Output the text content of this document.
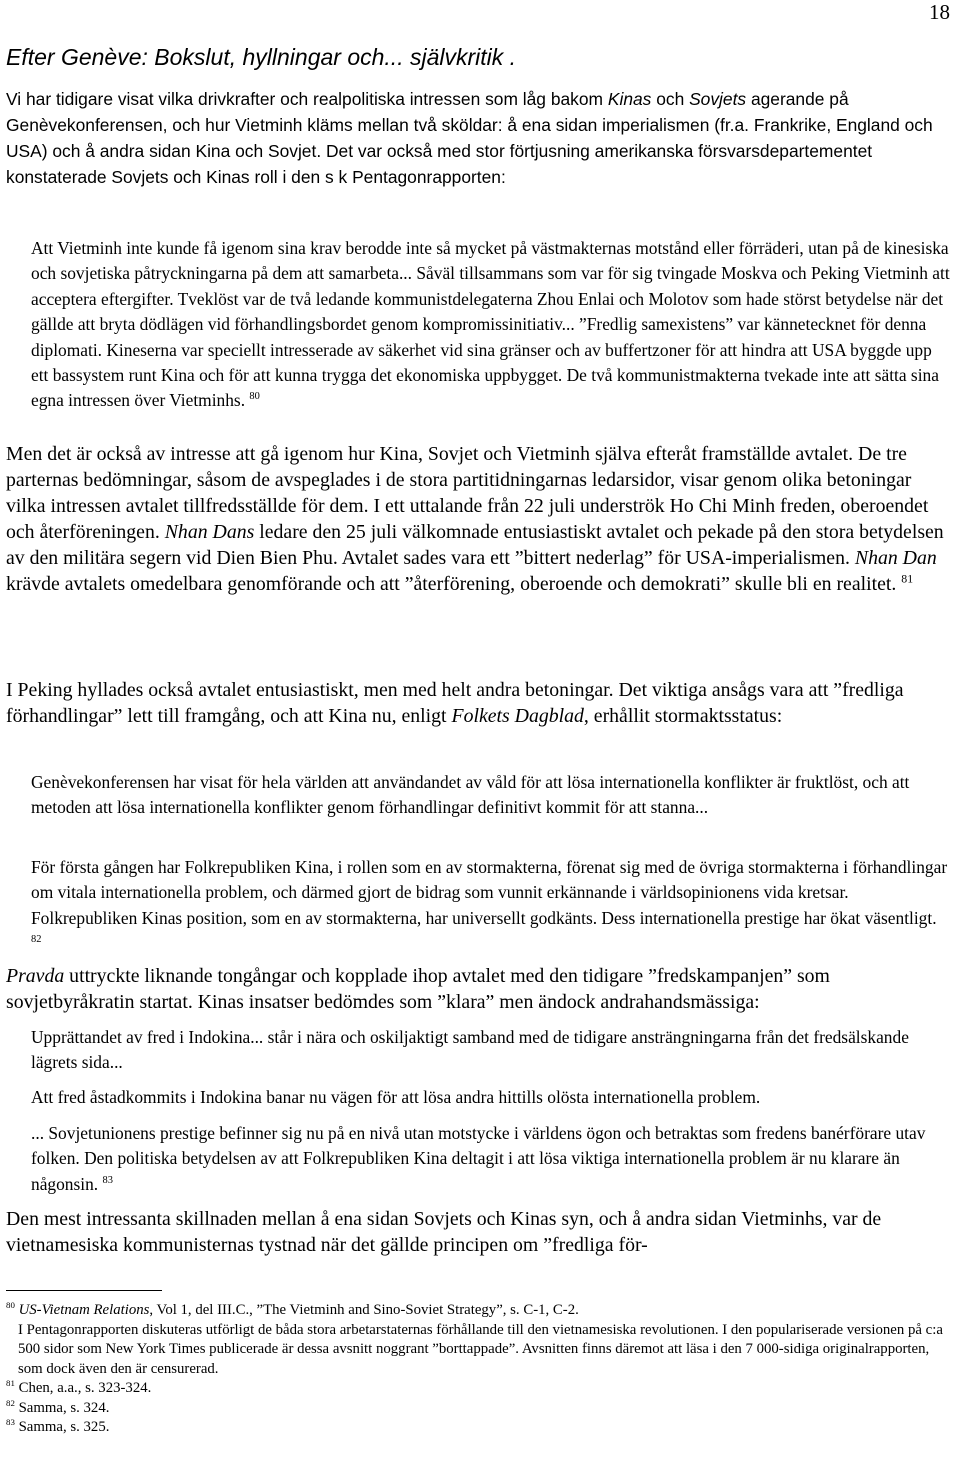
18
Efter Genève: Bokslut, hyllningar och... självkritik .

Vi har tidigare visat vilka drivkrafter och realpolitiska intressen som låg bakom Kinas och Sovjets agerande på Genèvekonferensen, och hur Vietminh kläms mellan två sköldar: å ena sidan imperialismen (fr.a. Frankrike, England och USA) och å andra sidan Kina och Sovjet. Det var också med stor förtjusning amerikanska försvarsdepartementet konstaterade Sovjets och Kinas roll i den s k Pentagonrapporten:

Att Vietminh inte kunde få igenom sina krav berodde inte så mycket på västmakternas motstånd eller förräderi, utan på de kinesiska och sovjetiska påtryckningarna på dem att samarbeta... Såväl tillsammans som var för sig tvingade Moskva och Peking Vietminh att acceptera eftergifter. Tveklöst var de två ledande kommunistdelegaterna Zhou Enlai och Molotov som hade störst betydelse när det gällde att bryta dödlägen vid förhandlingsbordet genom kompromissinitiativ... ”Fredlig samexistens” var kännetecknet för denna diplomati. Kineserna var speciellt intresserade av säkerhet vid sina gränser och av buffertzoner för att hindra att USA byggde upp ett bassystem runt Kina och för att kunna trygga det ekonomiska uppbygget. De två kommunistmakterna tvekade inte att sätta sina egna intressen över Vietminhs. $^{80}$

Men det är också av intresse att gå igenom hur Kina, Sovjet och Vietminh själva efteråt framställde avtalet. De tre parternas bedömningar, såsom de avspeglades i de stora partitidningarnas ledarsidor, visar genom olika betoningar vilka intressen avtalet tillfredsställde för dem. I ett uttalande från 22 juli underströk Ho Chi Minh freden, oberoendet och återföreningen. Nhan Dans ledare den 25 juli välkomnade entusiastiskt avtalet och pekade på den stora betydelsen av den militära segern vid Dien Bien Phu. Avtalet sades vara ett ”bittert nederlag” för USA-imperialismen. Nhan Dan krävde avtalets omedelbara genomförande och att ”återförening, oberoende och demokrati” skulle bli en realitet. $^{81}$

I Peking hyllades också avtalet entusiastiskt, men med helt andra betoningar. Det viktiga ansågs vara att ”fredliga förhandlingar” lett till framgång, och att Kina nu, enligt Folkets Dagblad, erhållit stormaktsstatus:

Genèvekonferensen har visat för hela världen att användandet av våld för att lösa internationella konflikter är fruktlöst, och att metoden att lösa internationella konflikter genom förhandlingar definitivt kommit för att stanna...

För första gången har Folkrepubliken Kina, i rollen som en av stormakterna, förenat sig med de övriga stormakterna i förhandlingar om vitala internationella problem, och därmed gjort de bidrag som vunnit erkännande i världsopinionens vida kretsar. Folkrepubliken Kinas position, som en av stormakterna, har universellt godkänts. Dess internationella prestige har ökat väsentligt. $^{82}$

Pravda uttryckte liknande tongångar och kopplade ihop avtalet med den tidigare ”fredskampanjen” som sovjetbyråkratin startat. Kinas insatser bedömdes som ”klara” men ändock andrahandsmässiga:

Upprättandet av fred i Indokina... står i nära och oskiljaktigt samband med de tidigare ansträngningarna från det fredsälskande lägrets sida...

Att fred åstadkommits i Indokina banar nu vägen för att lösa andra hittills olösta internationella problem.

... Sovjetunionens prestige befinner sig nu på en nivå utan motstycke i världens ögon och betraktas som fredens banérförare utav folken. Den politiska betydelsen av att Folkrepubliken Kina deltagit i att lösa viktiga internationella problem är nu klarare än någonsin. $^{83}$

Den mest intressanta skillnaden mellan å ena sidan Sovjets och Kinas syn, och å andra sidan Vietminhs, var de vietnamesiska kommunisternas tystnad när det gällde principen om ”fredliga för-

$^{80}$ US-Vietnam Relations, Vol 1, del III.C., ”The Vietminh and Sino-Soviet Strategy”, s. C-1, C-2.

I Pentagonrapporten diskuteras utförligt de båda stora arbetarstaternas förhållande till den vietnamesiska revolutionen. I den populariserade versionen på c:a 500 sidor som New York Times publicerade är dessa avsnitt noggrant ”borttappade”. Avsnitten finns däremot att läsa i den 7 000-sidiga originalrapporten, som dock även den är censurerad.

$^{81}$ Chen, a.a., s. 323-324.

$^{82}$ Samma, s. 324.

$^{83}$ Samma, s. 325.
